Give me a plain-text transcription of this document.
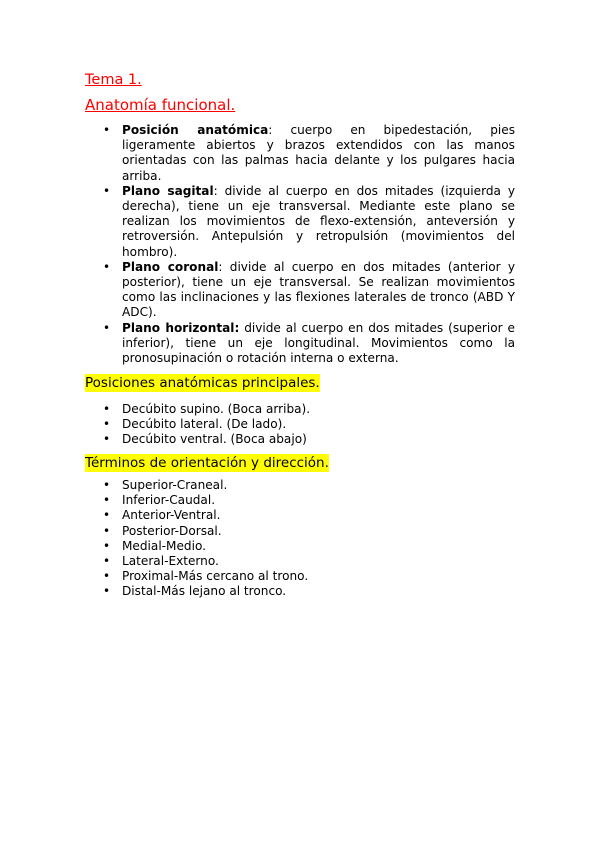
Tema 1.
Anatomía funcional.
• Posición anatómica: cuerpo en bipedestación, pies ligeramente abiertos y brazos extendidos con las manos orientadas con las palmas hacia delante y los pulgares hacia arriba.
• Plano sagital: divide al cuerpo en dos mitades (izquierda y derecha), tiene un eje transversal. Mediante este plano se realizan los movimientos de flexo-extensión, anteversión y retroversión. Antepulsión y retropulsión (movimientos del hombro).
• Plano coronal: divide al cuerpo en dos mitades (anterior y posterior), tiene un eje transversal. Se realizan movimientos como las inclinaciones y las flexiones laterales de tronco (ABD Y ADC).
• Plano horizontal: divide al cuerpo en dos mitades (superior e inferior), tiene un eje longitudinal. Movimientos como la pronosupinación o rotación interna o externa.
Posiciones anatómicas principales.
• Decúbito supino. (Boca arriba).
• Decúbito lateral. (De lado).
• Decúbito ventral. (Boca abajo)
Términos de orientación y dirección.
• Superior-Craneal.
• Inferior-Caudal.
• Anterior-Ventral.
• Posterior-Dorsal.
• Medial-Medio.
• Lateral-Externo.
• Proximal-Más cercano al trono.
• Distal-Más lejano al tronco.
